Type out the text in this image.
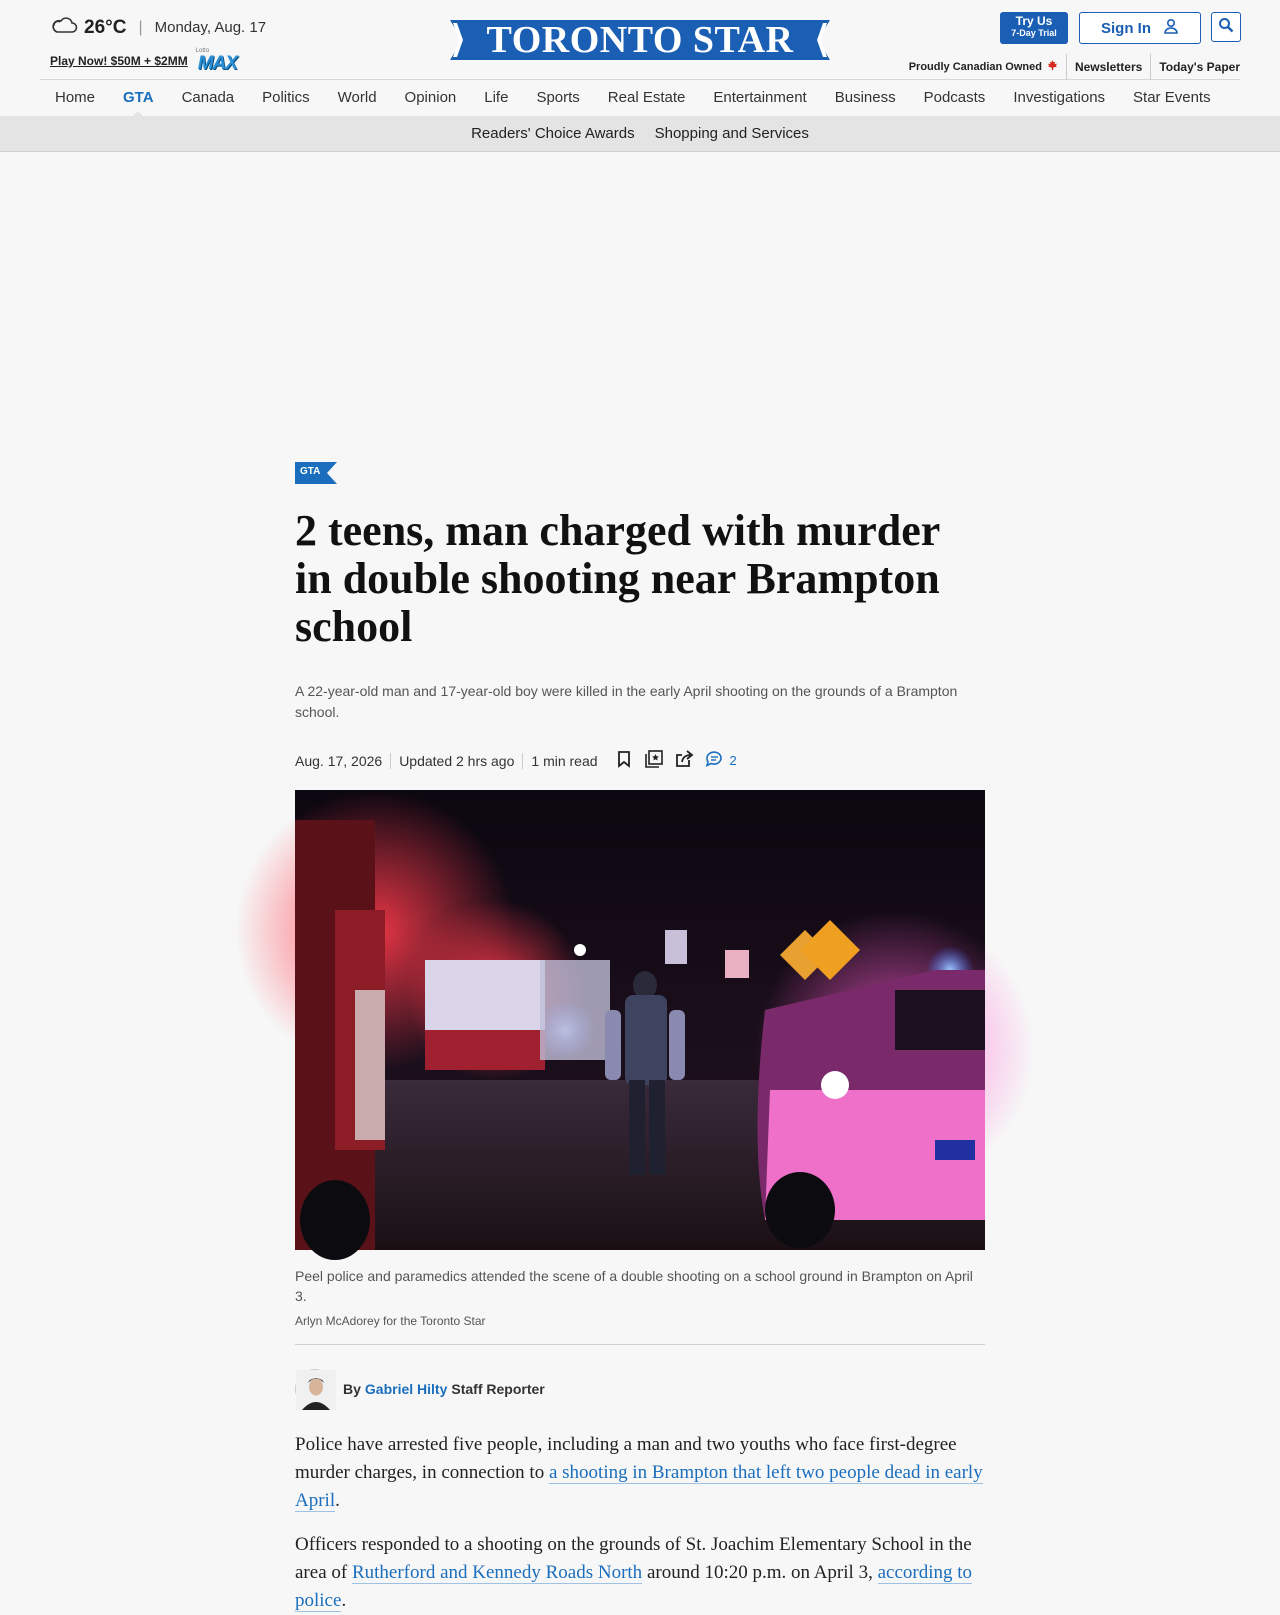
26°C | Monday, Aug. 17
Play Now! $50M + $2MM
Lotto
MAX
TORONTO STAR	Try Us
7-Day Trial	Sign In
Proudly Canadian Owned	Newsletters	Today's Paper
Home GTA Canada Politics World Opinion Life Sports Real Estate Entertainment Business Podcasts Investigations Star Events
Readers' Choice Awards Shopping and Services
GTA
2 teens, man charged with murder in double shooting near Brampton school

A 22-year-old man and 17-year-old boy were killed in the early April shooting on the grounds of a Brampton school.

Aug. 17, 2026	Updated 2 hrs ago	1 min read	2

Peel police and paramedics attended the scene of a double shooting on a school ground in Brampton on April 3.

Arlyn McAdorey for the Toronto Star

By Gabriel Hilty Staff Reporter

Police have arrested five people, including a man and two youths who face first-degree murder charges, in connection to a shooting in Brampton that left two people dead in early April.

Officers responded to a shooting on the grounds of St. Joachim Elementary School in the area of Rutherford and Kennedy Roads North around 10:20 p.m. on April 3, according to police.
